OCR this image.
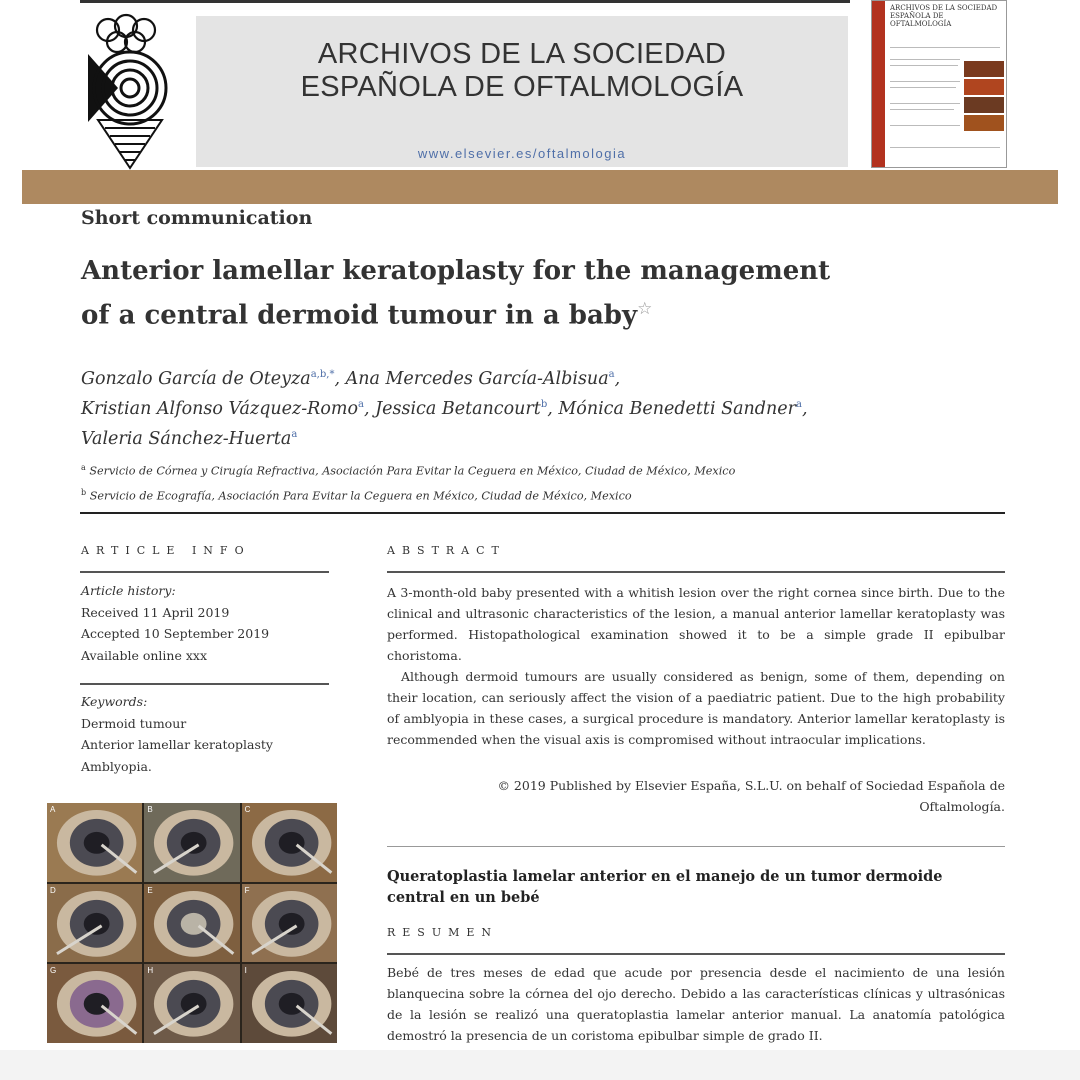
ARCHIVOS DE LA SOCIEDAD
ESPAÑOLA DE OFTALMOLOGÍA
www.elsevier.es/oftalmologia
ARCHIVOS DE LA SOCIEDAD ESPAÑOLA DE OFTALMOLOGÍA
Short communication
Anterior lamellar keratoplasty for the management
of a central dermoid tumour in a baby☆
Gonzalo García de Oteyza$^{a,b,*}$, Ana Mercedes García-Albisua$^a$,
Kristian Alfonso Vázquez-Romo$^a$, Jessica Betancourt$^b$, Mónica Benedetti Sandner$^a$,
Valeria Sánchez-Huerta$^a$
$^a$ Servicio de Córnea y Cirugía Refractiva, Asociación Para Evitar la Ceguera en México, Ciudad de México, Mexico
$^b$ Servicio de Ecografía, Asociación Para Evitar la Ceguera en México, Ciudad de México, Mexico
ARTICLE INFO
Article history:
Received 11 April 2019
Accepted 10 September 2019
Available online xxx
Keywords:
Dermoid tumour
Anterior lamellar keratoplasty
Amblyopia.
ABSTRACT

A 3-month-old baby presented with a whitish lesion over the right cornea since birth. Due to the clinical and ultrasonic characteristics of the lesion, a manual anterior lamellar keratoplasty was performed. Histopathological examination showed it to be a simple grade II epibulbar choristoma.

Although dermoid tumours are usually considered as benign, some of them, depending on their location, can seriously affect the vision of a paediatric patient. Due to the high probability of amblyopia in these cases, a surgical procedure is mandatory. Anterior lamellar keratoplasty is recommended when the visual axis is compromised without intraocular implications.

© 2019 Published by Elsevier España, S.L.U. on behalf of Sociedad Española de
Oftalmología.
Queratoplastia lamelar anterior en el manejo de un tumor dermoide central en un bebé
RESUMEN
Bebé de tres meses de edad que acude por presencia desde el nacimiento de una lesión blanquecina sobre la córnea del ojo derecho. Debido a las características clínicas y ultrasónicas de la lesión se realizó una queratoplastia lamelar anterior manual. La anatomía patológica demostró la presencia de un coristoma epibulbar simple de grado II.
A	B	C
D	E	F
G	H	I
